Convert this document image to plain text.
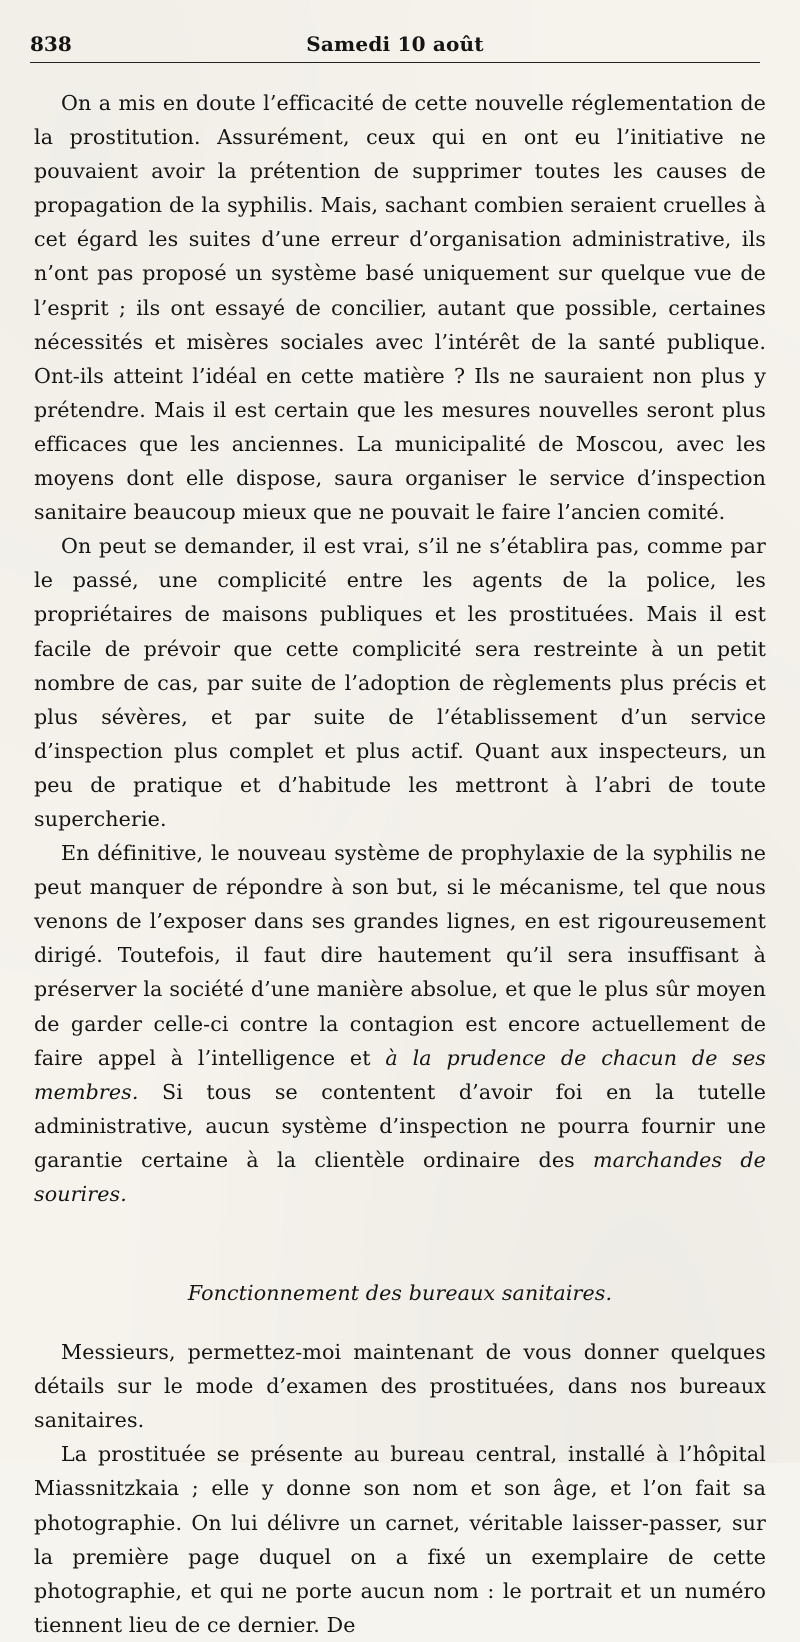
838	Samedi 10 août

On a mis en doute l’efficacité de cette nouvelle réglementation de la prostitution. Assurément, ceux qui en ont eu l’initiative ne pouvaient avoir la prétention de supprimer toutes les causes de propagation de la syphilis. Mais, sachant combien seraient cruelles à cet égard les suites d’une erreur d’organisation administrative, ils n’ont pas proposé un système basé uniquement sur quelque vue de l’esprit ; ils ont essayé de concilier, autant que possible, certaines nécessités et misères sociales avec l’intérêt de la santé publique. Ont-ils atteint l’idéal en cette matière ? Ils ne sauraient non plus y prétendre. Mais il est certain que les mesures nouvelles seront plus efficaces que les anciennes. La municipalité de Moscou, avec les moyens dont elle dispose, saura organiser le service d’inspection sanitaire beaucoup mieux que ne pouvait le faire l’ancien comité.

On peut se demander, il est vrai, s’il ne s’établira pas, comme par le passé, une complicité entre les agents de la police, les propriétaires de maisons publiques et les prostituées. Mais il est facile de prévoir que cette complicité sera restreinte à un petit nombre de cas, par suite de l’adoption de règlements plus précis et plus sévères, et par suite de l’établissement d’un service d’inspection plus complet et plus actif. Quant aux inspecteurs, un peu de pratique et d’habitude les mettront à l’abri de toute supercherie.

En définitive, le nouveau système de prophylaxie de la syphilis ne peut manquer de répondre à son but, si le mécanisme, tel que nous venons de l’exposer dans ses grandes lignes, en est rigoureusement dirigé. Toutefois, il faut dire hautement qu’il sera insuffisant à préserver la société d’une manière absolue, et que le plus sûr moyen de garder celle-ci contre la contagion est encore actuellement de faire appel à l’intelligence et à la prudence de chacun de ses membres. Si tous se contentent d’avoir foi en la tutelle administrative, aucun système d’inspection ne pourra fournir une garantie certaine à la clientèle ordinaire des marchandes de sourires.

Fonctionnement des bureaux sanitaires.

Messieurs, permettez-moi maintenant de vous donner quelques détails sur le mode d’examen des prostituées, dans nos bureaux sanitaires.

La prostituée se présente au bureau central, installé à l’hôpital Miassnitzkaia ; elle y donne son nom et son âge, et l’on fait sa photographie. On lui délivre un carnet, véritable laisser-passer, sur la première page duquel on a fixé un exemplaire de cette photographie, et qui ne porte aucun nom : le portrait et un numéro tiennent lieu de ce dernier. De
